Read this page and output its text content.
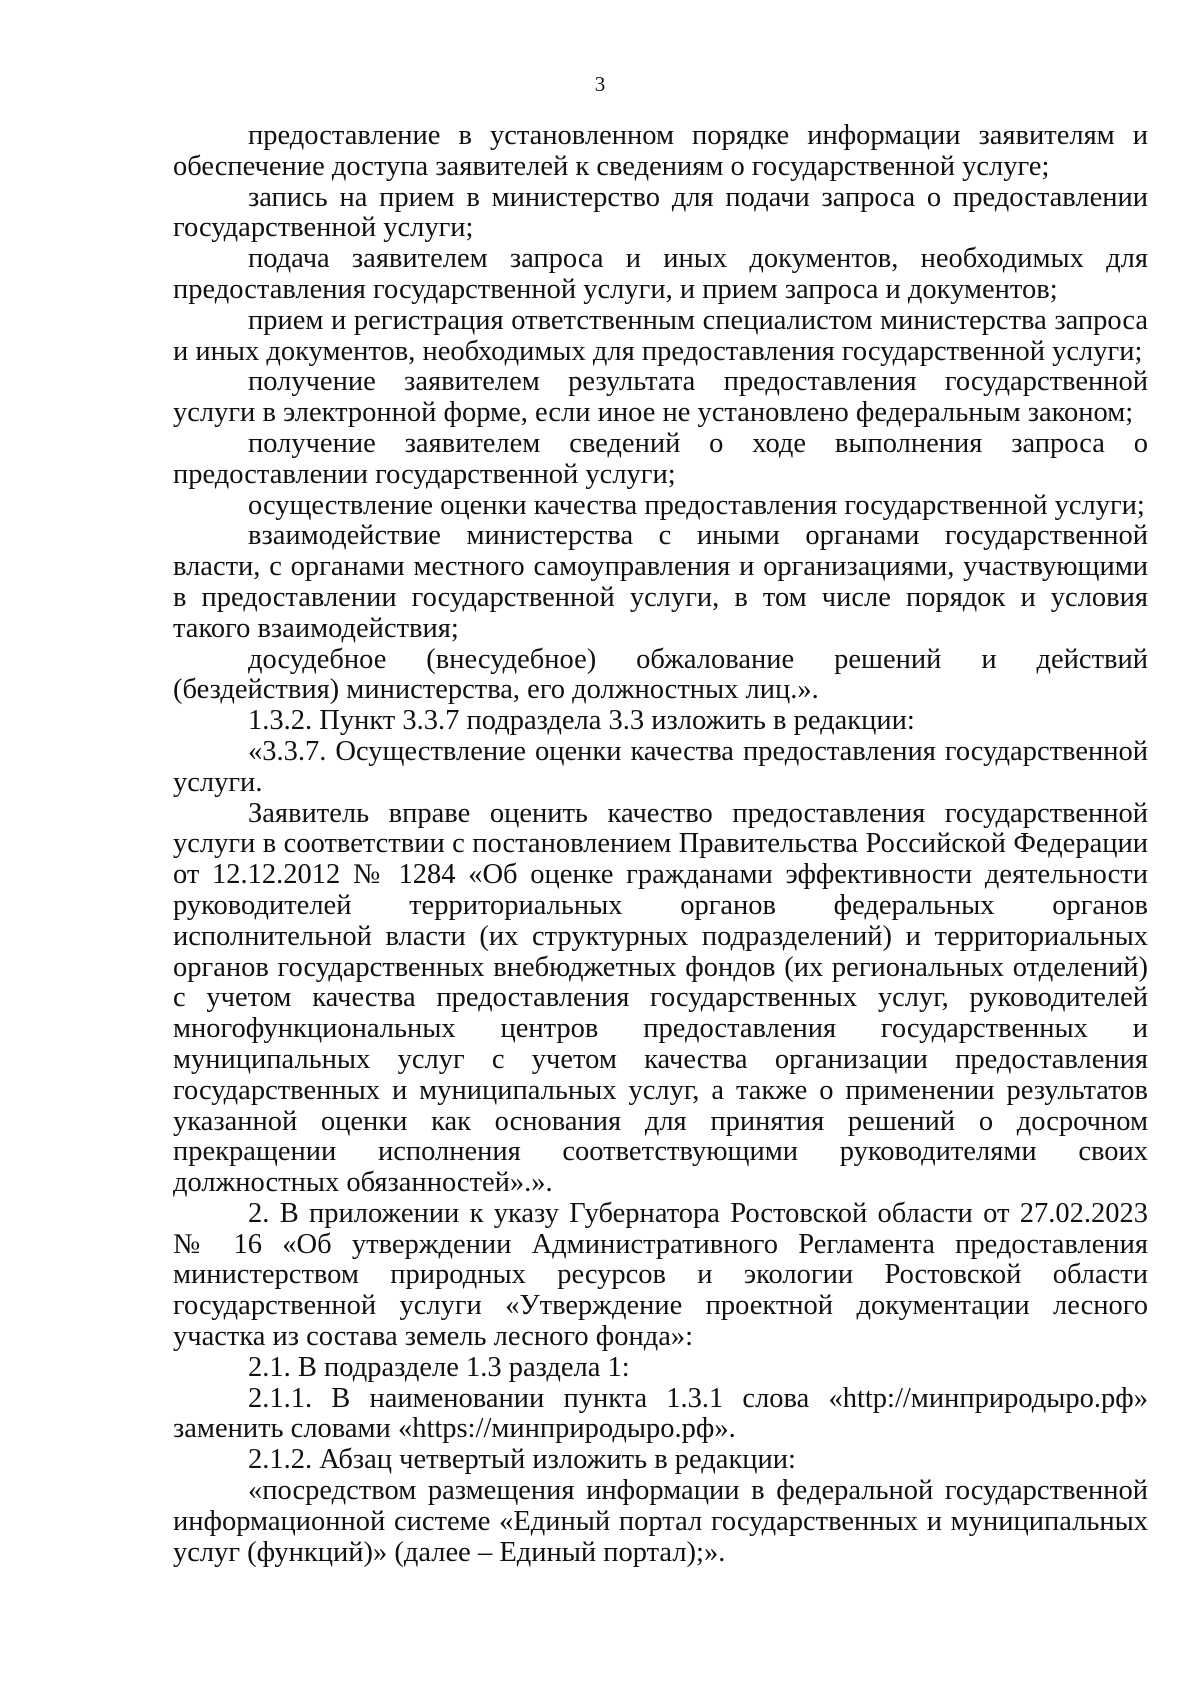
3

предоставление в установленном порядке информации заявителям и обеспечение доступа заявителей к сведениям о государственной услуге;

запись на прием в министерство для подачи запроса о предоставлении государственной услуги;

подача заявителем запроса и иных документов, необходимых для предоставления государственной услуги, и прием запроса и документов;

прием и регистрация ответственным специалистом министерства запроса и иных документов, необходимых для предоставления государственной услуги;

получение заявителем результата предоставления государственной услуги в электронной форме, если иное не установлено федеральным законом;

получение заявителем сведений о ходе выполнения запроса о предоставлении государственной услуги;

осуществление оценки качества предоставления государственной услуги;

взаимодействие министерства с иными органами государственной власти, с органами местного самоуправления и организациями, участвующими в предоставлении государственной услуги, в том числе порядок и условия такого взаимодействия;

досудебное (внесудебное) обжалование решений и действий (бездействия) министерства, его должностных лиц.».

1.3.2. Пункт 3.3.7 подраздела 3.3 изложить в редакции:

«3.3.7. Осуществление оценки качества предоставления государственной услуги.

Заявитель вправе оценить качество предоставления государственной услуги в соответствии с постановлением Правительства Российской Федерации от 12.12.2012 № 1284 «Об оценке гражданами эффективности деятельности руководителей территориальных органов федеральных органов исполнительной власти (их структурных подразделений) и территориальных органов государственных внебюджетных фондов (их региональных отделений) с учетом качества предоставления государственных услуг, руководителей многофункциональных центров предоставления государственных и муниципальных услуг с учетом качества организации предоставления государственных и муниципальных услуг, а также о применении результатов указанной оценки как основания для принятия решений о досрочном прекращении исполнения соответствующими руководителями своих должностных обязанностей».».

2. В приложении к указу Губернатора Ростовской области от 27.02.2023 № 16 «Об утверждении Административного Регламента предоставления министерством природных ресурсов и экологии Ростовской области государственной услуги «Утверждение проектной документации лесного участка из состава земель лесного фонда»:

2.1. В подразделе 1.3 раздела 1:

2.1.1. В наименовании пункта 1.3.1 слова «http://минприродыро.рф» заменить словами «https://минприродыро.рф».

2.1.2. Абзац четвертый изложить в редакции:

«посредством размещения информации в федеральной государственной информационной системе «Единый портал государственных и муниципальных услуг (функций)» (далее – Единый портал);».
